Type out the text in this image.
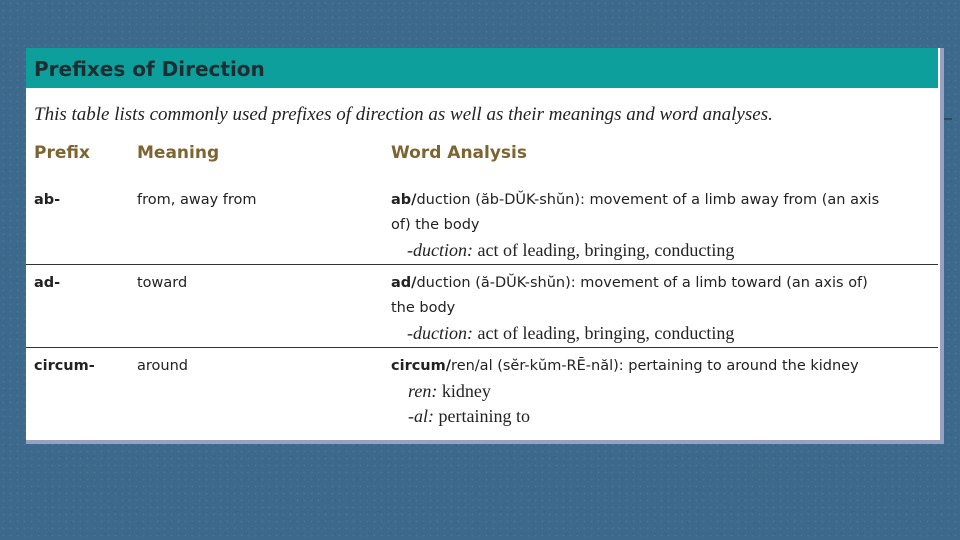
Prefixes of Direction
This table lists commonly used prefixes of direction as well as their meanings and word analyses.
Prefix	Meaning	Word Analysis
ab-	from, away from	ab/duction (ăb-DŬK-shŭn): movement of a limb away from (an axis
of) the body
-duction: act of leading, bringing, conducting
ad-	toward	ad/duction (ă-DŬK-shŭn): movement of a limb toward (an axis of)
the body
-duction: act of leading, bringing, conducting
circum-	around	circum/ren/al (sĕr-kŭm-RĒ-năl): pertaining to around the kidney
ren: kidney
-al: pertaining to
